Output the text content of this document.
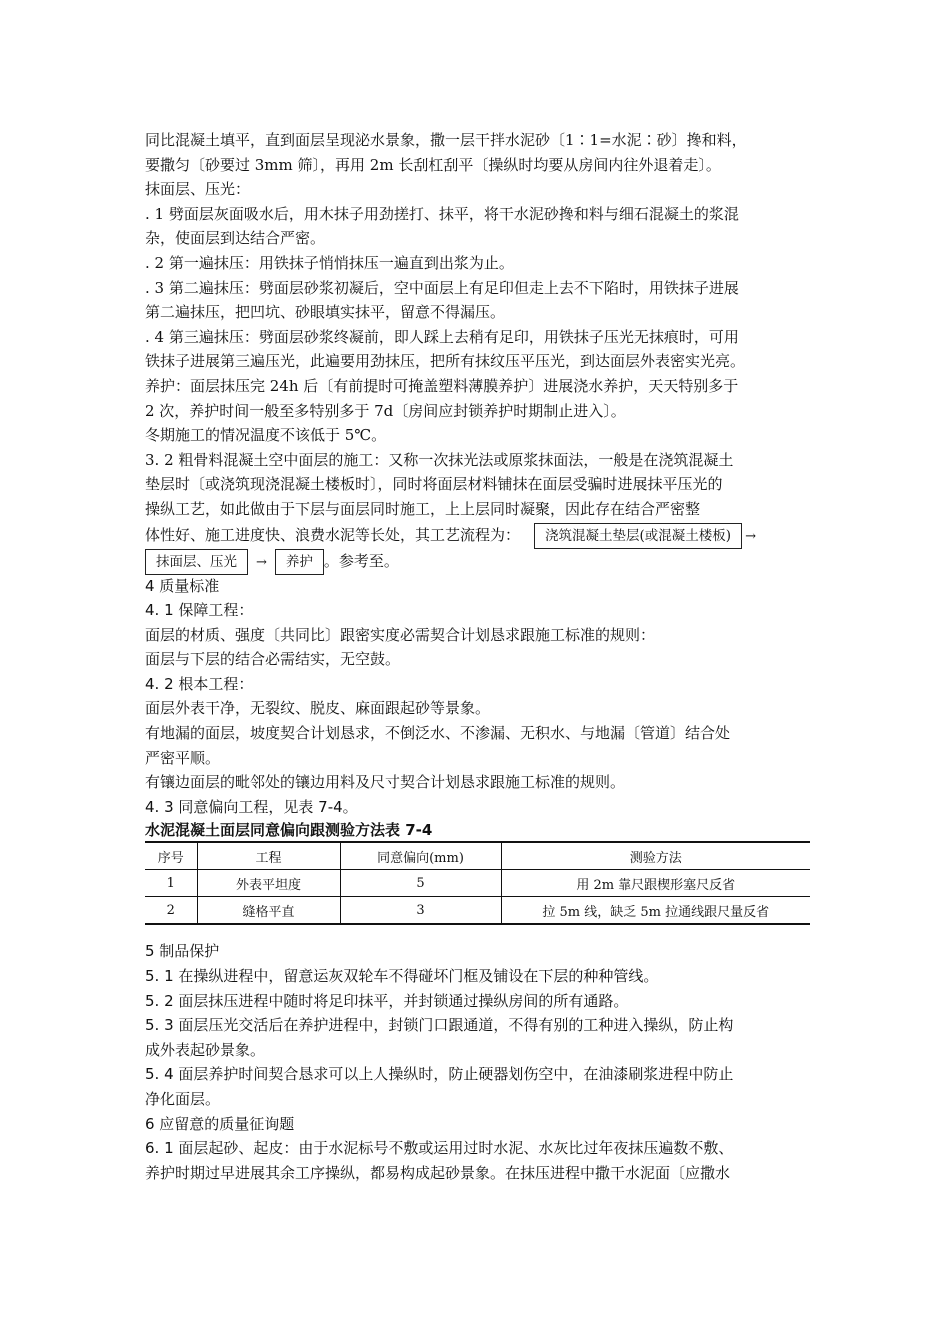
同比混凝土填平，直到面层呈现泌水景象，撒一层干拌水泥砂〔1∶1=水泥∶砂〕搀和料，
要撒匀〔砂要过 3mm 筛〕，再用 2m 长刮杠刮平〔操纵时均要从房间内往外退着走〕。
抹面层、压光：
. 1 劈面层灰面吸水后，用木抹子用劲搓打、抹平，将干水泥砂搀和料与细石混凝土的浆混
杂，使面层到达结合严密。
. 2 第一遍抹压：用铁抹子悄悄抹压一遍直到出浆为止。
. 3 第二遍抹压：劈面层砂浆初凝后，空中面层上有足印但走上去不下陷时，用铁抹子进展
第二遍抹压，把凹坑、砂眼填实抹平，留意不得漏压。
. 4 第三遍抹压：劈面层砂浆终凝前，即人踩上去稍有足印，用铁抹子压光无抹痕时，可用
铁抹子进展第三遍压光，此遍要用劲抹压，把所有抹纹压平压光，到达面层外表密实光亮。
养护：面层抹压完 24h 后〔有前提时可掩盖塑料薄膜养护〕进展浇水养护，天天特别多于
2 次，养护时间一般至多特别多于 7d〔房间应封锁养护时期制止进入〕。
冬期施工的情况温度不该低于 5℃。
3. 2 粗骨料混凝土空中面层的施工：又称一次抹光法或原浆抹面法，一般是在浇筑混凝土
垫层时〔或浇筑现浇混凝土楼板时〕，同时将面层材料铺抹在面层受骗时进展抹平压光的
操纵工艺，如此做由于下层与面层同时施工，上上层同时凝聚，因此存在结合严密整
体性好、施工进度快、浪费水泥等长处，其工艺流程为： 浇筑混凝土垫层(或混凝土楼板) →
抹面层、压光 → 养护 。参考至。
4 质量标准
4. 1 保障工程：
面层的材质、强度〔共同比〕跟密实度必需契合计划恳求跟施工标准的规则：
面层与下层的结合必需结实，无空鼓。
4. 2 根本工程：
面层外表干净，无裂纹、脱皮、麻面跟起砂等景象。
有地漏的面层，坡度契合计划恳求，不倒泛水、不渗漏、无积水、与地漏〔管道〕结合处
严密平顺。
有镶边面层的毗邻处的镶边用料及尺寸契合计划恳求跟施工标准的规则。
4. 3 同意偏向工程，见表 7-4。
水泥混凝土面层同意偏向跟测验方法表 7-4
序号	工程	同意偏向(mm)	测验方法
1	外表平坦度	5	用 2m 靠尺跟楔形塞尺反省
2	缝格平直	3	拉 5m 线，缺乏 5m 拉通线跟尺量反省
5 制品保护
5. 1 在操纵进程中，留意运灰双轮车不得碰坏门框及铺设在下层的种种管线。
5. 2 面层抹压进程中随时将足印抹平，并封锁通过操纵房间的所有通路。
5. 3 面层压光交活后在养护进程中，封锁门口跟通道，不得有别的工种进入操纵，防止构
成外表起砂景象。
5. 4 面层养护时间契合恳求可以上人操纵时，防止硬器划伤空中，在油漆刷浆进程中防止
净化面层。
6 应留意的质量征询题
6. 1 面层起砂、起皮：由于水泥标号不敷或运用过时水泥、水灰比过年夜抹压遍数不敷、
养护时期过早进展其余工序操纵，都易构成起砂景象。在抹压进程中撒干水泥面〔应撒水
